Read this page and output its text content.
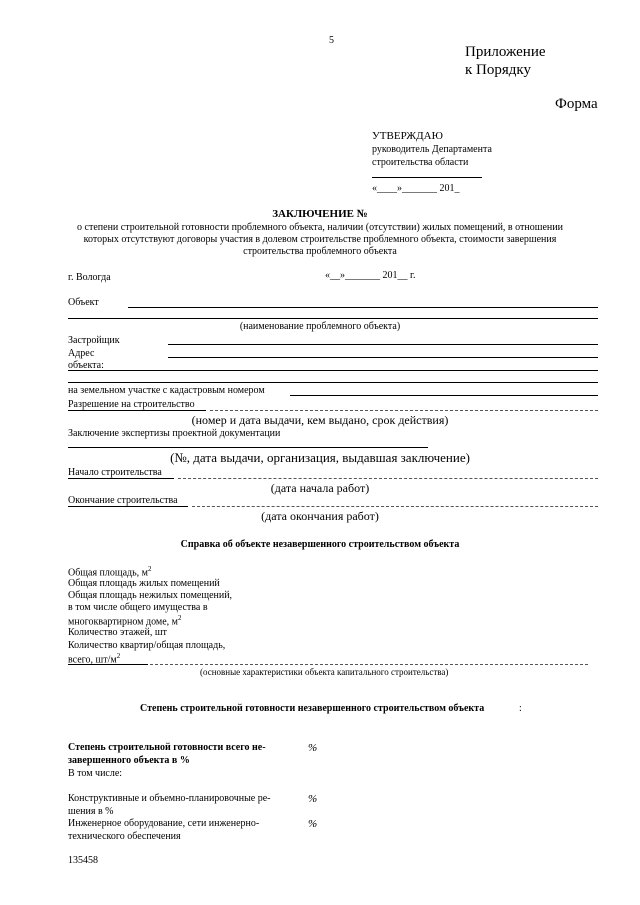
5
Приложение
к Порядку
Форма
УТВЕРЖДАЮ
руководитель Департамента
строительства области
«____»_______ 201_
ЗАКЛЮЧЕНИЕ №
о степени строительной готовности проблемного объекта, наличии (отсутствии) жилых помещений, в отношении
которых отсутствуют договоры участия в долевом строительстве проблемного объекта, стоимости завершения
строительства проблемного объекта
г. Вологда	«__»_______ 201__ г.
Объект
(наименование проблемного объекта)
Застройщик
Адрес
объекта:
на земельном участке с кадастровым номером
Разрешение на строительство
(номер и дата выдачи, кем выдано, срок действия)
Заключение экспертизы проектной документации
(№, дата выдачи, организация, выдавшая заключение)
Начало строительства
(дата начала работ)
Окончание строительства
(дата окончания работ)
Справка об объекте незавершенного строительством объекта
Общая площадь, $м^2$
Общая площадь жилых помещений
Общая площадь нежилых помещений,
в том числе общего имущества в
многоквартирном доме, $м^2$
Количество этажей, шт
Количество квартир/общая площадь,
всего, $шт/м^2$
(основные характеристики объекта капитального строительства)
Степень строительной готовности незавершенного строительством объекта	:
Степень строительной готовности всего не-
завершенного объекта в %
%
В том числе:
Конструктивные и объемно-планировочные ре-
шения в %
%
Инженерное оборудование, сети инженерно-
технического обеспечения
%
135458
